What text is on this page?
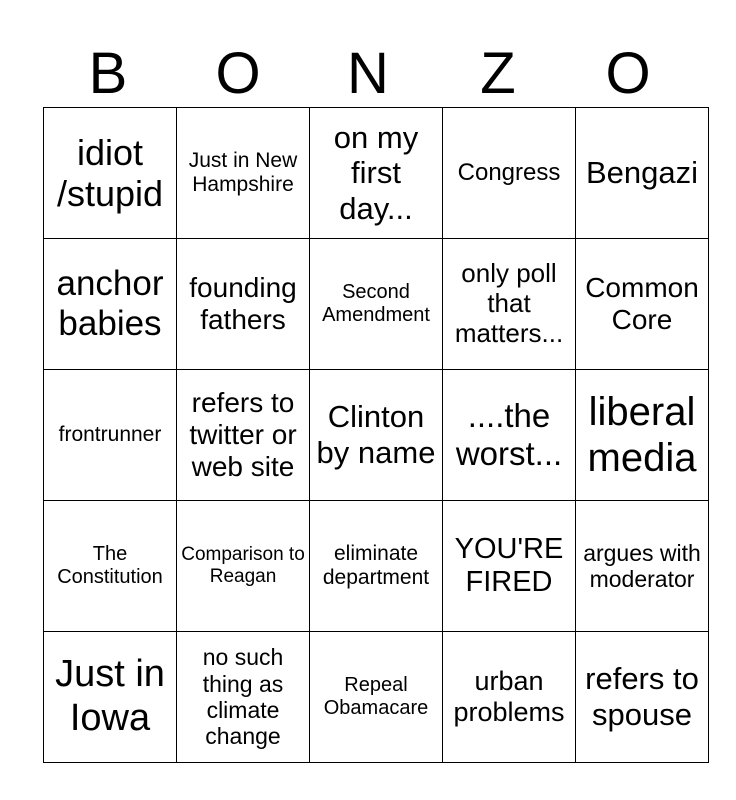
B	O	N	Z	O
idiot /stupid	Just in New Hampshire	on my first day...	Congress	Bengazi
anchor babies	founding fathers	Second Amendment	only poll that matters...	Common Core
frontrunner	refers to twitter or web site	Clinton by name	....the worst...	liberal media
The Constitution	Comparison to Reagan	eliminate department	YOU'RE FIRED	argues with moderator
Just in Iowa	no such thing as climate change	Repeal Obamacare	urban problems	refers to spouse
